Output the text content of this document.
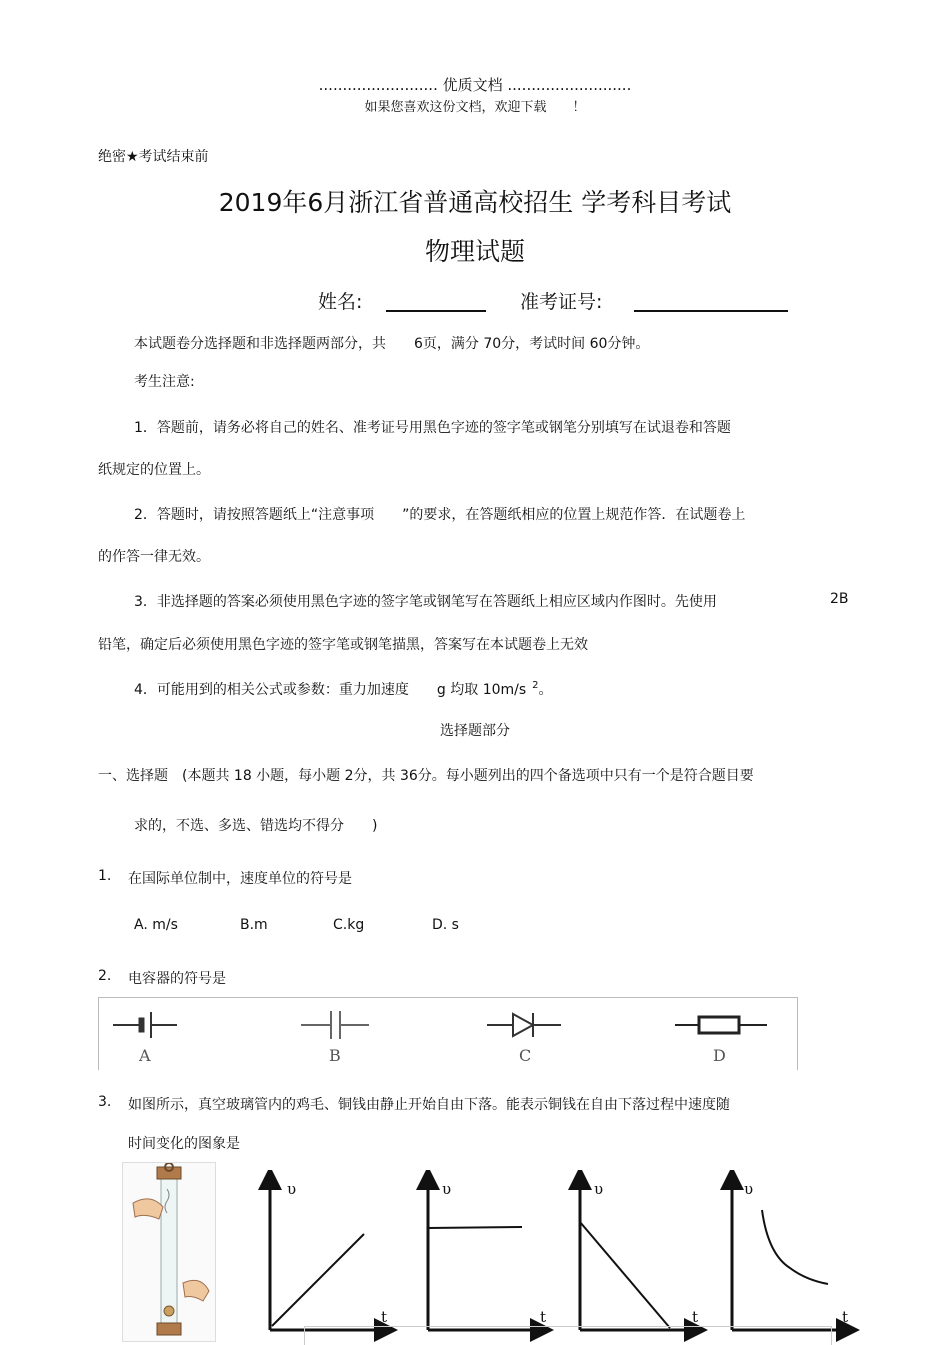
......................... 优质文档 ..........................
如果您喜欢这份文档，欢迎下载　　！
绝密★考试结束前
2019年6月浙江省普通高校招生 学考科目考试
物理试题
姓名:	准考证号:
本试题卷分选择题和非选择题两部分，共　　6页，满分 70分，考试时间 60分钟。
考生注意:
1．答题前，请务必将自己的姓名、准考证号用黑色字迹的签字笔或钢笔分别填写在试退卷和答题
纸规定的位置上。
2．答题时，请按照答题纸上“注意事项　　”的要求，在答题纸相应的位置上规范作答．在试题卷上
的作答一律无效。
3．非选择题的答案必须使用黑色字迹的签字笔或钢笔写在答题纸上相应区域内作图时。先使用	2B
铅笔，确定后必须使用黑色字迹的签字笔或钢笔描黑，答案写在本试题卷上无效
4．可能用到的相关公式或参数：重力加速度　　g 均取 10m/s $^2$。
选择题部分
一、选择题　(本题共 18 小题，每小题 2分，共 36分。每小题列出的四个备选项中只有一个是符合题目要
求的，不选、多选、错选均不得分　　)
1. 在国际单位制中，速度单位的符号是
A. m/s	B.m	C.kg	D. s
2. 电容器的符号是
A	B	C	D
3. 如图所示，真空玻璃管内的鸡毛、铜钱由静止开始自由下落。能表示铜钱在自由下落过程中速度随
时间变化的图象是
υ
t
υ
t
υ
t
υ
t
